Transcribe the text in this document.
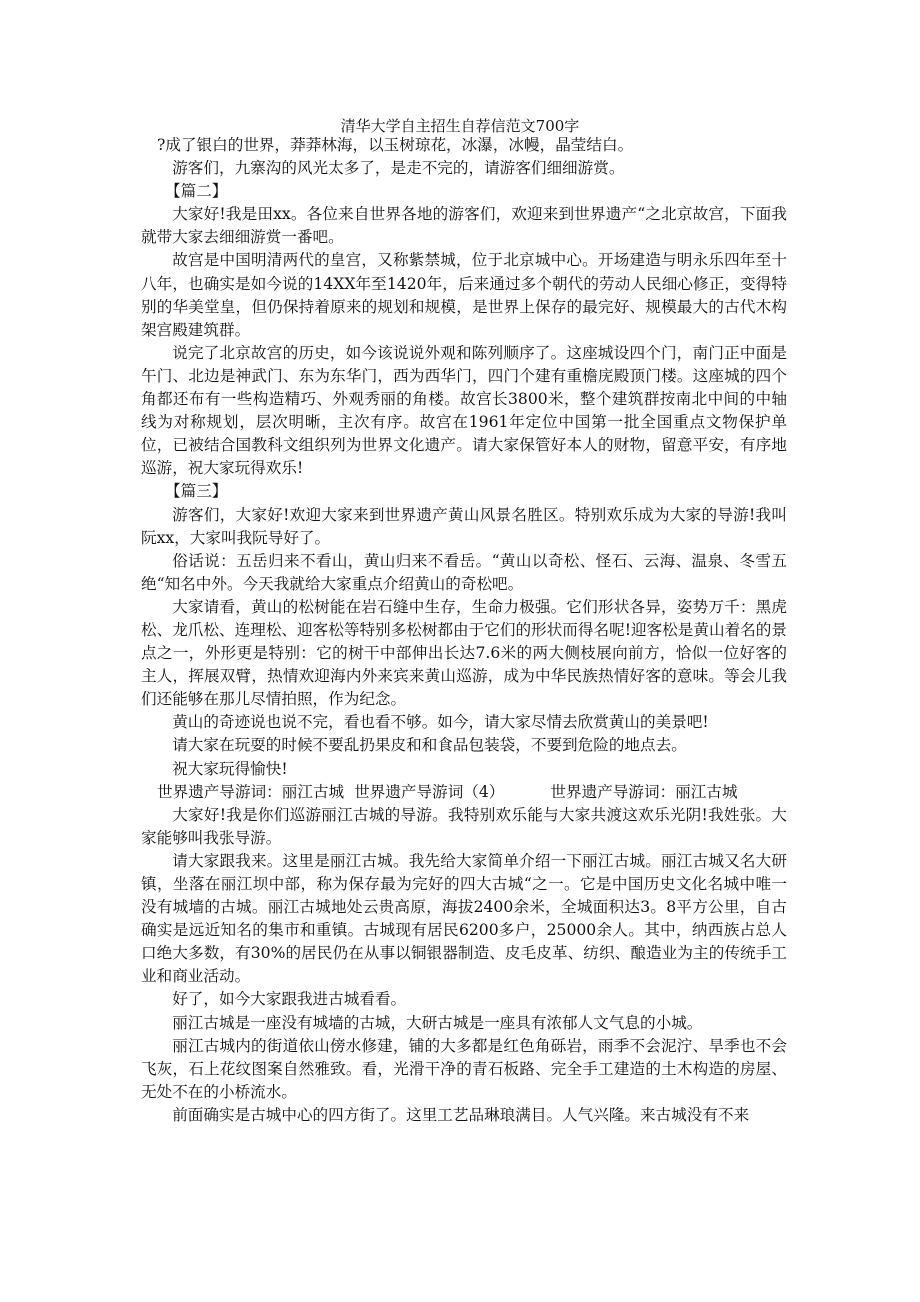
清华大学自主招生自荐信范文700字

?成了银白的世界，莽莽林海，以玉树琼花，冰瀑，冰幔，晶莹结白。

游客们，九寨沟的风光太多了，是走不完的，请游客们细细游赏。

【篇二】

大家好!我是田xx。各位来自世界各地的游客们，欢迎来到世界遗产“之北京故宫，下面我就带大家去细细游赏一番吧。

故宫是中国明清两代的皇宫，又称紫禁城，位于北京城中心。开场建造与明永乐四年至十八年，也确实是如今说的14XX年至1420年，后来通过多个朝代的劳动人民细心修正，变得特别的华美堂皇，但仍保持着原来的规划和规模，是世界上保存的最完好、规模最大的古代木构架宫殿建筑群。

说完了北京故宫的历史，如今该说说外观和陈列顺序了。这座城设四个门，南门正中面是午门、北边是神武门、东为东华门，西为西华门，四门个建有重檐庑殿顶门楼。这座城的四个角都还布有一些构造精巧、外观秀丽的角楼。故宫长3800米，整个建筑群按南北中间的中轴线为对称规划，层次明晰，主次有序。故宫在1961年定位中国第一批全国重点文物保护单位，已被结合国教科文组织列为世界文化遗产。请大家保管好本人的财物，留意平安，有序地巡游，祝大家玩得欢乐!

【篇三】

游客们，大家好!欢迎大家来到世界遗产黄山风景名胜区。特别欢乐成为大家的导游!我叫阮xx，大家叫我阮导好了。

俗话说：五岳归来不看山，黄山归来不看岳。“黄山以奇松、怪石、云海、温泉、冬雪五绝“知名中外。今天我就给大家重点介绍黄山的奇松吧。

大家请看，黄山的松树能在岩石缝中生存，生命力极强。它们形状各异，姿势万千：黑虎松、龙爪松、连理松、迎客松等特别多松树都由于它们的形状而得名呢!迎客松是黄山着名的景点之一，外形更是特别：它的树干中部伸出长达7.6米的两大侧枝展向前方，恰似一位好客的主人，挥展双臂，热情欢迎海内外来宾来黄山巡游，成为中华民族热情好客的意味。等会儿我们还能够在那儿尽情拍照，作为纪念。

黄山的奇迹说也说不完，看也看不够。如今，请大家尽情去欣赏黄山的美景吧!

请大家在玩耍的时候不要乱扔果皮和和食品包装袋，不要到危险的地点去。

祝大家玩得愉快!

世界遗产导游词：丽江古城 世界遗产导游词（4）	世界遗产导游词：丽江古城

大家好!我是你们巡游丽江古城的导游。我特别欢乐能与大家共渡这欢乐光阴!我姓张。大家能够叫我张导游。

请大家跟我来。这里是丽江古城。我先给大家简单介绍一下丽江古城。丽江古城又名大研镇，坐落在丽江坝中部，称为保存最为完好的四大古城“之一。它是中国历史文化名城中唯一没有城墙的古城。丽江古城地处云贵高原，海拔2400余米，全城面积达3。8平方公里，自古确实是远近知名的集市和重镇。古城现有居民6200多户，25000余人。其中，纳西族占总人口绝大多数，有30%的居民仍在从事以铜银器制造、皮毛皮革、纺织、酿造业为主的传统手工业和商业活动。

好了，如今大家跟我进古城看看。

丽江古城是一座没有城墙的古城，大研古城是一座具有浓郁人文气息的小城。

丽江古城内的街道依山傍水修建，铺的大多都是红色角砾岩，雨季不会泥泞、旱季也不会飞灰，石上花纹图案自然雅致。看，光滑干净的青石板路、完全手工建造的土木构造的房屋、无处不在的小桥流水。

前面确实是古城中心的四方街了。这里工艺品琳琅满目。人气兴隆。来古城没有不来
